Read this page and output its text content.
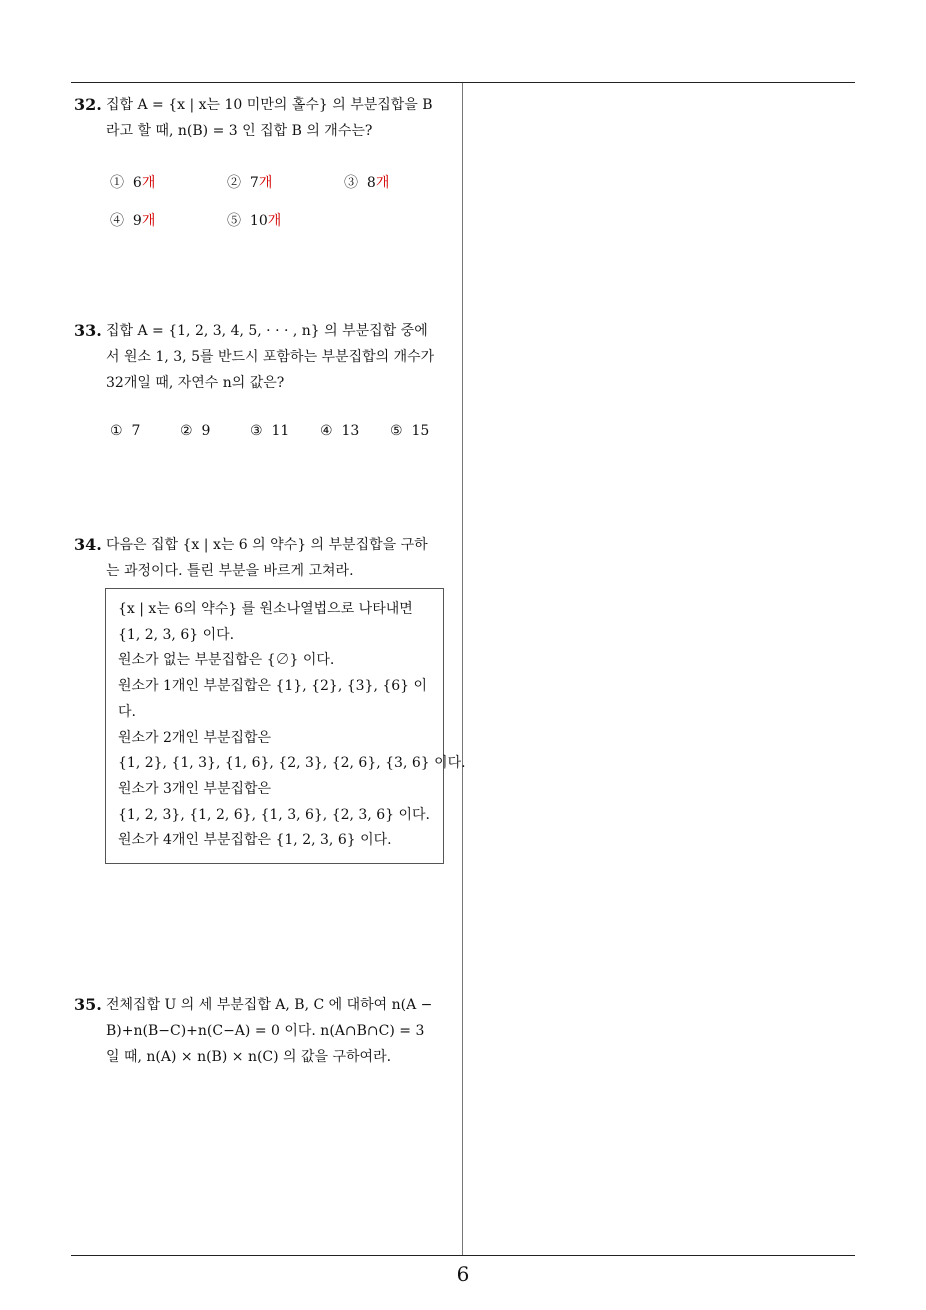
32. 집합 A = {x | x는 10 미만의 홀수} 의 부분집합을 B
라고 할 때, n(B) = 3 인 집합 B 의 개수는?
① 6개	② 7개	③ 8개
④ 9개	⑤ 10개
33. 집합 A = {1, 2, 3, 4, 5, · · · , n} 의 부분집합 중에
서 원소 1, 3, 5를 반드시 포함하는 부분집합의 개수가
32개일 때, 자연수 n의 값은?
① 7	② 9	③ 11 ④ 13 ⑤ 15
34. 다음은 집합 {x | x는 6 의 약수} 의 부분집합을 구하
는 과정이다. 틀린 부분을 바르게 고쳐라.
{x | x는 6의 약수} 를 원소나열법으로 나타내면
{1, 2, 3, 6} 이다.
원소가 없는 부분집합은 {∅} 이다.
원소가 1개인 부분집합은 {1}, {2}, {3}, {6} 이
다.
원소가 2개인 부분집합은
{1, 2}, {1, 3}, {1, 6}, {2, 3}, {2, 6}, {3, 6} 이다.
원소가 3개인 부분집합은
{1, 2, 3}, {1, 2, 6}, {1, 3, 6}, {2, 3, 6} 이다.
원소가 4개인 부분집합은 {1, 2, 3, 6} 이다.
35. 전체집합 U 의 세 부분집합 A, B, C 에 대하여 n(A −
B)+n(B−C)+n(C−A) = 0 이다. n(A∩B∩C) = 3
일 때, n(A) × n(B) × n(C) 의 값을 구하여라.
6
